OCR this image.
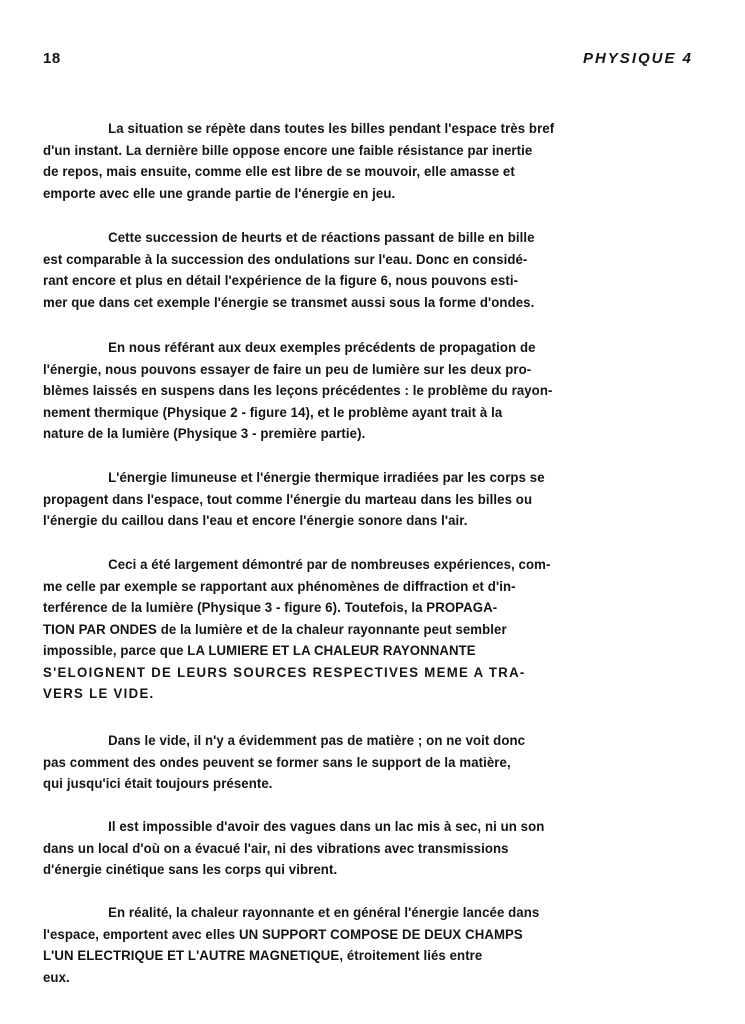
18	PHYSIQUE 4
La situation se répète dans toutes les billes pendant l'espace très bref
d'un instant. La dernière bille oppose encore une faible résistance par inertie
de repos, mais ensuite, comme elle est libre de se mouvoir, elle amasse et
emporte avec elle une grande partie de l'énergie en jeu.
Cette succession de heurts et de réactions passant de bille en bille
est comparable à la succession des ondulations sur l'eau. Donc en considé-
rant encore et plus en détail l'expérience de la figure 6, nous pouvons esti-
mer que dans cet exemple l'énergie se transmet aussi sous la forme d'ondes.
En nous référant aux deux exemples précédents de propagation de
l'énergie, nous pouvons essayer de faire un peu de lumière sur les deux pro-
blèmes laissés en suspens dans les leçons précédentes : le problème du rayon-
nement thermique (Physique 2 - figure 14), et le problème ayant trait à la
nature de la lumière (Physique 3 - première partie).
L'énergie limuneuse et l'énergie thermique irradiées par les corps se
propagent dans l'espace, tout comme l'énergie du marteau dans les billes ou
l'énergie du caillou dans l'eau et encore l'énergie sonore dans l'air.
Ceci a été largement démontré par de nombreuses expériences, com-
me celle par exemple se rapportant aux phénomènes de diffraction et d'in-
terférence de la lumière (Physique 3 - figure 6). Toutefois, la PROPAGA-
TION PAR ONDES de la lumière et de la chaleur rayonnante peut sembler
impossible, parce que LA LUMIERE ET LA CHALEUR RAYONNANTE
S'ELOIGNENT DE LEURS SOURCES RESPECTIVES MEME A TRA-
VERS LE VIDE.
Dans le vide, il n'y a évidemment pas de matière ; on ne voit donc
pas comment des ondes peuvent se former sans le support de la matière,
qui jusqu'ici était toujours présente.
Il est impossible d'avoir des vagues dans un lac mis à sec, ni un son
dans un local d'où on a évacué l'air, ni des vibrations avec transmissions
d'énergie cinétique sans les corps qui vibrent.
En réalité, la chaleur rayonnante et en général l'énergie lancée dans
l'espace, emportent avec elles UN SUPPORT COMPOSE DE DEUX CHAMPS
L'UN ELECTRIQUE ET L'AUTRE MAGNETIQUE, étroitement liés entre
eux.
